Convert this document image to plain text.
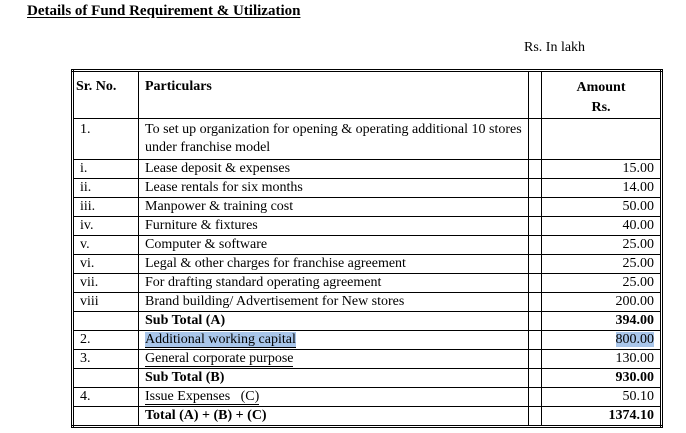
Details of Fund Requirement & Utilization
Rs. In lakh
Sr. No.	Particulars		Amount
Rs.
1.	To set up organization for opening & operating additional 10 stores under franchise model		
i.	Lease deposit & expenses		15.00
ii.	Lease rentals for six months		14.00
iii.	Manpower & training cost		50.00
iv.	Furniture & fixtures		40.00
v.	Computer & software		25.00
vi.	Legal & other charges for franchise agreement		25.00
vii.	For drafting standard operating agreement		25.00
viii	Brand building/ Advertisement for New stores		200.00
	Sub Total (A)		394.00
2.	Additional working capital		800.00
3.	General corporate purpose		130.00
	Sub Total (B)		930.00
4.	Issue Expenses   (C)		50.10
	Total (A) + (B) + (C)		1374.10
